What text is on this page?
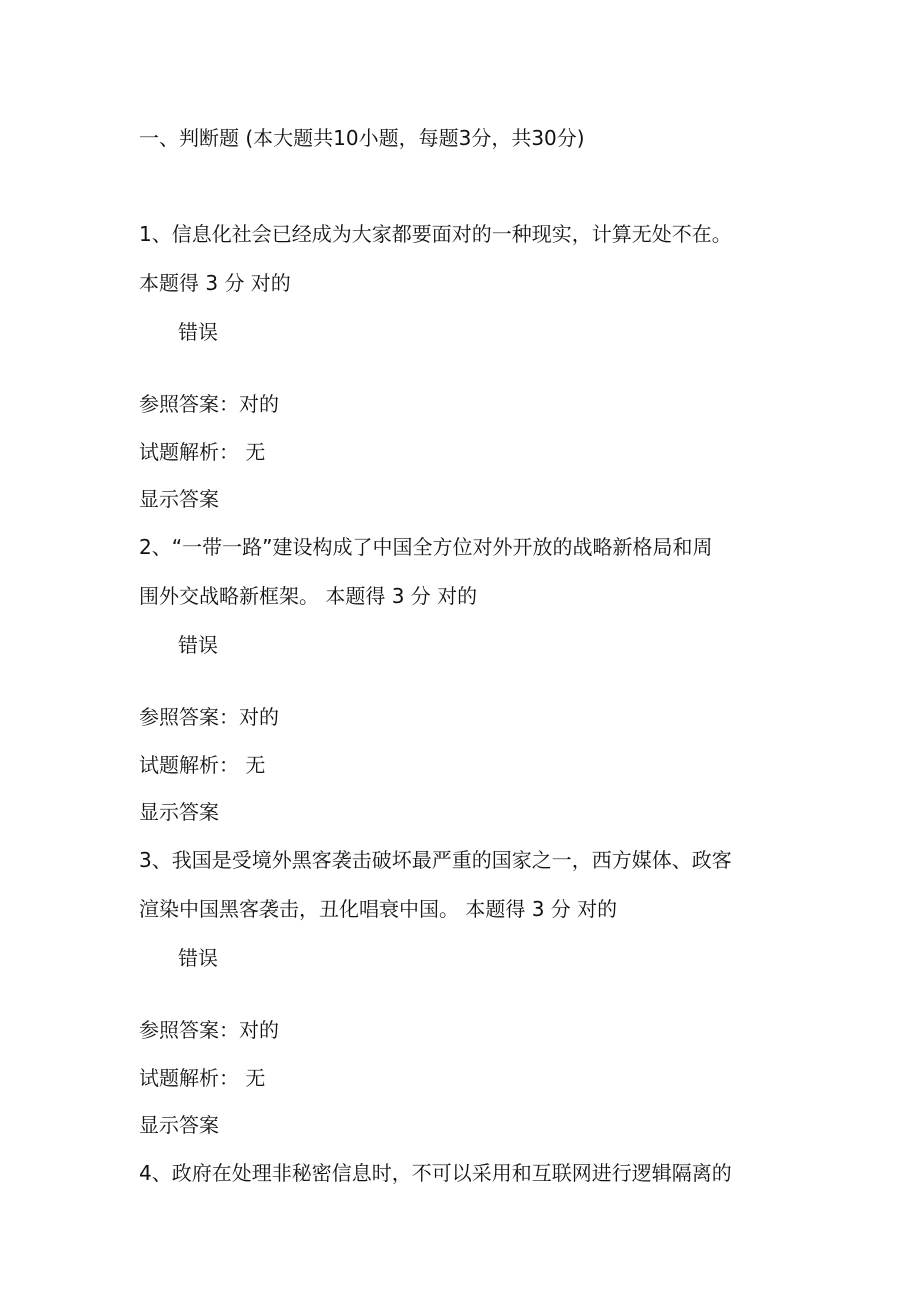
一、判断题 (本大题共10小题，每题3分，共30分)
1、信息化社会已经成为大家都要面对的一种现实，计算无处不在。
本题得 3 分 对的
错误
参照答案：对的
试题解析： 无
显示答案
2、“一带一路”建设构成了中国全方位对外开放的战略新格局和周
围外交战略新框架。 本题得 3 分 对的
错误
参照答案：对的
试题解析： 无
显示答案
3、我国是受境外黑客袭击破坏最严重的国家之一，西方媒体、政客
渲染中国黑客袭击，丑化唱衰中国。 本题得 3 分 对的
错误
参照答案：对的
试题解析： 无
显示答案
4、政府在处理非秘密信息时，不可以采用和互联网进行逻辑隔离的
